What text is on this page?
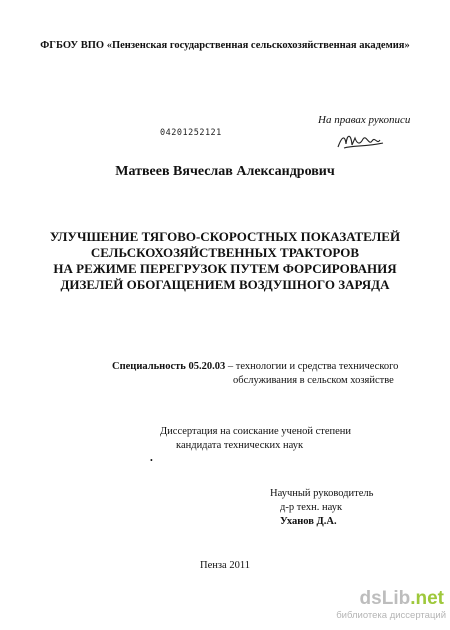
ФГБОУ ВПО «Пензенская государственная сельскохозяйственная академия»
На правах рукописи
04201252121
Матвеев Вячеслав Александрович
УЛУЧШЕНИЕ ТЯГОВО-СКОРОСТНЫХ ПОКАЗАТЕЛЕЙ
СЕЛЬСКОХОЗЯЙСТВЕННЫХ ТРАКТОРОВ
НА РЕЖИМЕ ПЕРЕГРУЗОК ПУТЕМ ФОРСИРОВАНИЯ
ДИЗЕЛЕЙ ОБОГАЩЕНИЕМ ВОЗДУШНОГО ЗАРЯДА
Специальность 05.20.03 – технологии и средства технического
обслуживания в сельском хозяйстве
Диссертация на соискание ученой степени
кандидата технических наук
•
Научный руководитель
д-р техн. наук
Уханов Д.А.
Пенза 2011
dsLib.net
библиотека диссертаций
